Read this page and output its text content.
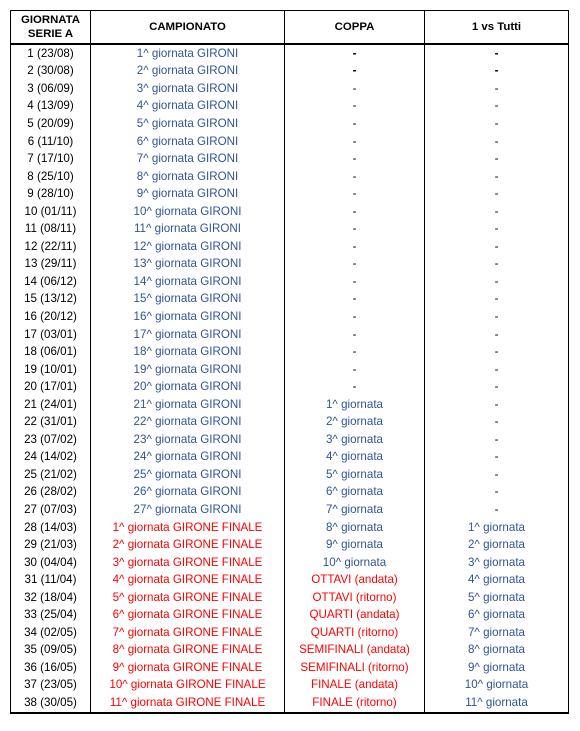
GIORNATA
SERIE A	CAMPIONATO	COPPA	1 vs Tutti
1 (23/08)	1^ giornata GIRONI	-	-
2 (30/08)	2^ giornata GIRONI	-	-
3 (06/09)	3^ giornata GIRONI	-	-
4 (13/09)	4^ giornata GIRONI	-	-
5 (20/09)	5^ giornata GIRONI	-	-
6 (11/10)	6^ giornata GIRONI	-	-
7 (17/10)	7^ giornata GIRONI	-	-
8 (25/10)	8^ giornata GIRONI	-	-
9 (28/10)	9^ giornata GIRONI	-	-
10 (01/11)	10^ giornata GIRONI	-	-
11 (08/11)	11^ giornata GIRONI	-	-
12 (22/11)	12^ giornata GIRONI	-	-
13 (29/11)	13^ giornata GIRONI	-	-
14 (06/12)	14^ giornata GIRONI	-	-
15 (13/12)	15^ giornata GIRONI	-	-
16 (20/12)	16^ giornata GIRONI	-	-
17 (03/01)	17^ giornata GIRONI	-	-
18 (06/01)	18^ giornata GIRONI	-	-
19 (10/01)	19^ giornata GIRONI	-	-
20 (17/01)	20^ giornata GIRONI	-	-
21 (24/01)	21^ giornata GIRONI	1^ giornata	-
22 (31/01)	22^ giornata GIRONI	2^ giornata	-
23 (07/02)	23^ giornata GIRONI	3^ giornata	-
24 (14/02)	24^ giornata GIRONI	4^ giornata	-
25 (21/02)	25^ giornata GIRONI	5^ giornata	-
26 (28/02)	26^ giornata GIRONI	6^ giornata	-
27 (07/03)	27^ giornata GIRONI	7^ giornata	-
28 (14/03)	1^ giornata GIRONE FINALE	8^ giornata	1^ giornata
29 (21/03)	2^ giornata GIRONE FINALE	9^ giornata	2^ giornata
30 (04/04)	3^ giornata GIRONE FINALE	10^ giornata	3^ giornata
31 (11/04)	4^ giornata GIRONE FINALE	OTTAVI (andata)	4^ giornata
32 (18/04)	5^ giornata GIRONE FINALE	OTTAVI (ritorno)	5^ giornata
33 (25/04)	6^ giornata GIRONE FINALE	QUARTI (andata)	6^ giornata
34 (02/05)	7^ giornata GIRONE FINALE	QUARTI (ritorno)	7^ giornata
35 (09/05)	8^ giornata GIRONE FINALE	SEMIFINALI (andata)	8^ giornata
36 (16/05)	9^ giornata GIRONE FINALE	SEMIFINALI (ritorno)	9^ giornata
37 (23/05)	10^ giornata GIRONE FINALE	FINALE (andata)	10^ giornata
38 (30/05)	11^ giornata GIRONE FINALE	FINALE (ritorno)	11^ giornata
